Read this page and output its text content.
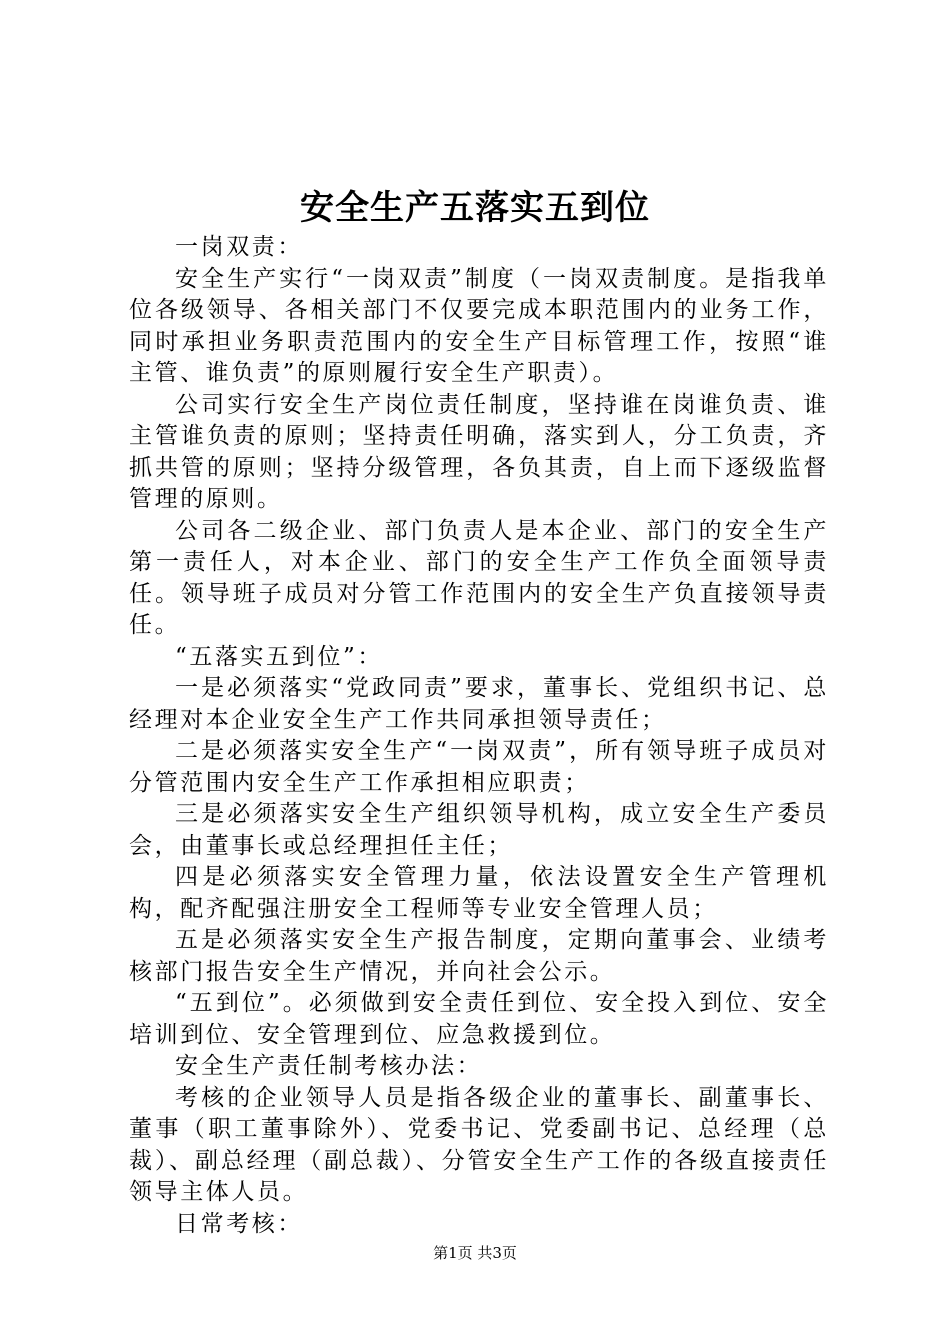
安全生产五落实五到位

一岗双责：

安全生产实行“一岗双责”制度（一岗双责制度。是指我单位各级领导、各相关部门不仅要完成本职范围内的业务工作，同时承担业务职责范围内的安全生产目标管理工作，按照“谁主管、谁负责”的原则履行安全生产职责）。

公司实行安全生产岗位责任制度，坚持谁在岗谁负责、谁主管谁负责的原则；坚持责任明确，落实到人，分工负责，齐抓共管的原则；坚持分级管理，各负其责，自上而下逐级监督管理的原则。

公司各二级企业、部门负责人是本企业、部门的安全生产第一责任人，对本企业、部门的安全生产工作负全面领导责任。领导班子成员对分管工作范围内的安全生产负直接领导责任。

“五落实五到位”：

一是必须落实“党政同责”要求，董事长、党组织书记、总经理对本企业安全生产工作共同承担领导责任；

二是必须落实安全生产“一岗双责”，所有领导班子成员对分管范围内安全生产工作承担相应职责；

三是必须落实安全生产组织领导机构，成立安全生产委员会，由董事长或总经理担任主任；

四是必须落实安全管理力量，依法设置安全生产管理机构，配齐配强注册安全工程师等专业安全管理人员；

五是必须落实安全生产报告制度，定期向董事会、业绩考核部门报告安全生产情况，并向社会公示。

“五到位”。必须做到安全责任到位、安全投入到位、安全培训到位、安全管理到位、应急救援到位。

安全生产责任制考核办法：

考核的企业领导人员是指各级企业的董事长、副董事长、董事（职工董事除外）、党委书记、党委副书记、总经理（总裁）、副总经理（副总裁）、分管安全生产工作的各级直接责任领导主体人员。

日常考核：

第1页 共3页
